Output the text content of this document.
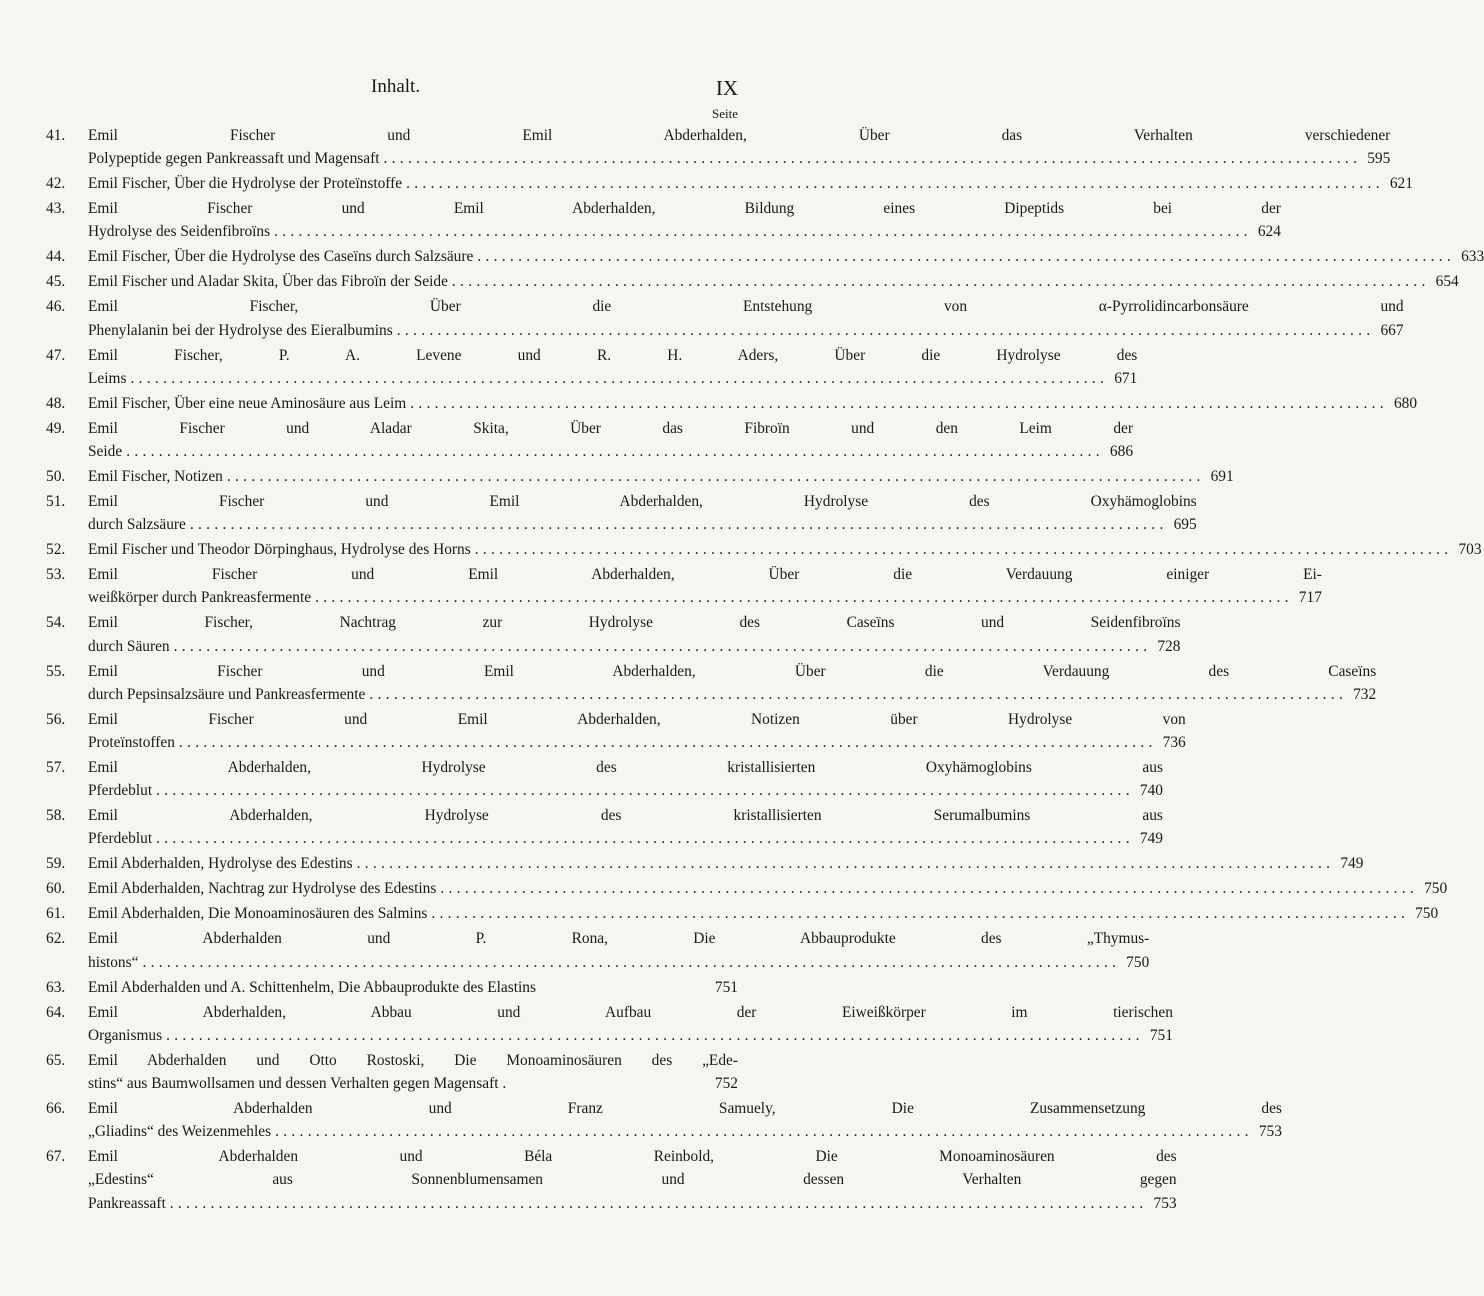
Inhalt.	IX
Seite
41.	Emil Fischer und Emil Abderhalden, Über das Verhalten verschiedener
Polypeptide gegen Pankreassaft und Magensaft ........................................................................................................................ 595
42.	Emil Fischer, Über die Hydrolyse der Proteïnstoffe ........................................................................................................................ 621
43.	Emil Fischer und Emil Abderhalden, Bildung eines Dipeptids bei der
Hydrolyse des Seidenfibroïns ........................................................................................................................ 624
44.	Emil Fischer, Über die Hydrolyse des Caseïns durch Salzsäure ........................................................................................................................ 633
45.	Emil Fischer und Aladar Skita, Über das Fibroïn der Seide ........................................................................................................................ 654
46.	Emil Fischer, Über die Entstehung von α-Pyrrolidincarbonsäure und
Phenylalanin bei der Hydrolyse des Eieralbumins ........................................................................................................................ 667
47.	Emil Fischer, P. A. Levene und R. H. Aders, Über die Hydrolyse des
Leims ........................................................................................................................ 671
48.	Emil Fischer, Über eine neue Aminosäure aus Leim ........................................................................................................................ 680
49.	Emil Fischer und Aladar Skita, Über das Fibroïn und den Leim der
Seide ........................................................................................................................ 686
50.	Emil Fischer, Notizen ........................................................................................................................ 691
51.	Emil Fischer und Emil Abderhalden, Hydrolyse des Oxyhämoglobins
durch Salzsäure ........................................................................................................................ 695
52.	Emil Fischer und Theodor Dörpinghaus, Hydrolyse des Horns ........................................................................................................................ 703
53.	Emil Fischer und Emil Abderhalden, Über die Verdauung einiger Ei-
weißkörper durch Pankreasfermente ........................................................................................................................ 717
54.	Emil Fischer, Nachtrag zur Hydrolyse des Caseïns und Seidenfibroïns
durch Säuren ........................................................................................................................ 728
55.	Emil Fischer und Emil Abderhalden, Über die Verdauung des Caseïns
durch Pepsinsalzsäure und Pankreasfermente ........................................................................................................................ 732
56.	Emil Fischer und Emil Abderhalden, Notizen über Hydrolyse von
Proteïnstoffen ........................................................................................................................ 736
57.	Emil Abderhalden, Hydrolyse des kristallisierten Oxyhämoglobins aus
Pferdeblut ........................................................................................................................ 740
58.	Emil Abderhalden, Hydrolyse des kristallisierten Serumalbumins aus
Pferdeblut ........................................................................................................................ 749
59.	Emil Abderhalden, Hydrolyse des Edestins ........................................................................................................................ 749
60.	Emil Abderhalden, Nachtrag zur Hydrolyse des Edestins ........................................................................................................................ 750
61.	Emil Abderhalden, Die Monoaminosäuren des Salmins ........................................................................................................................ 750
62.	Emil Abderhalden und P. Rona, Die Abbauprodukte des „Thymus-
histons“ ........................................................................................................................ 750
63.	Emil Abderhalden und A. Schittenhelm, Die Abbauprodukte des Elastins	751
64.	Emil Abderhalden, Abbau und Aufbau der Eiweißkörper im tierischen
Organismus ........................................................................................................................ 751
65.	Emil Abderhalden und Otto Rostoski, Die Monoaminosäuren des „Ede-
stins“ aus Baumwollsamen und dessen Verhalten gegen Magensaft .	752
66.	Emil Abderhalden und Franz Samuely, Die Zusammensetzung des
„Gliadins“ des Weizenmehles ........................................................................................................................ 753
67.	Emil Abderhalden und Béla Reinbold, Die Monoaminosäuren des
„Edestins“ aus Sonnenblumensamen und dessen Verhalten gegen
Pankreassaft ........................................................................................................................ 753
